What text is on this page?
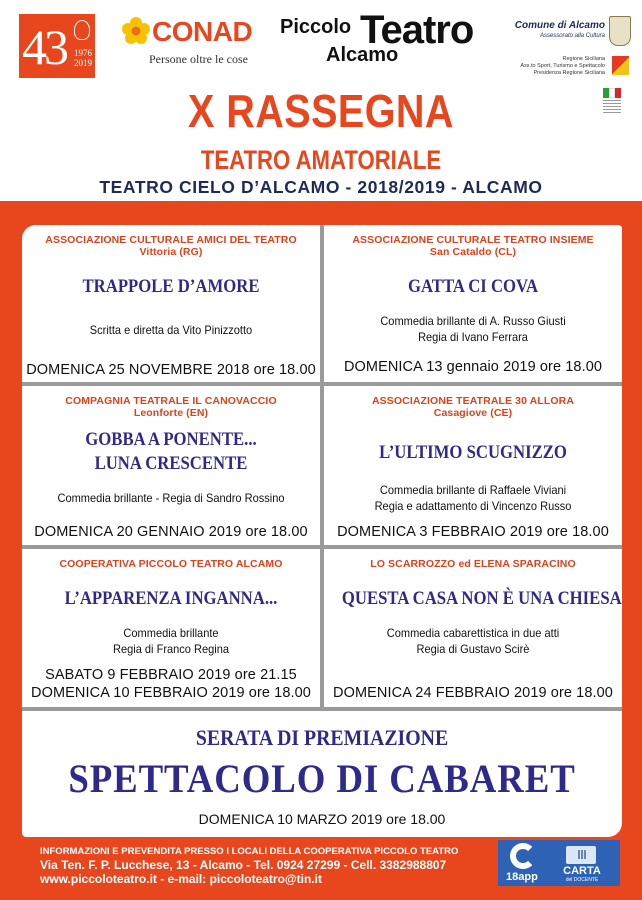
43 1976
2019
CONAD
Persone oltre le cose
Piccolo Teatro
Alcamo
Comune di Alcamo
Assessorato alla Cultura
Regione Siciliana
Ass.to Sport, Turismo e Spettacolo
Presidenza Regione Siciliana
X RASSEGNA
TEATRO AMATORIALE
TEATRO CIELO D’ALCAMO - 2018/2019 - ALCAMO
ASSOCIAZIONE CULTURALE AMICI DEL TEATRO
Vittoria (RG)
TRAPPOLE D’AMORE
Scritta e diretta da Vito Pinizzotto
DOMENICA 25 NOVEMBRE 2018 ore 18.00
ASSOCIAZIONE CULTURALE TEATRO INSIEME
San Cataldo (CL)
GATTA CI COVA
Commedia brillante di A. Russo Giusti
Regia di Ivano Ferrara
DOMENICA 13 gennaio 2019 ore 18.00
COMPAGNIA TEATRALE IL CANOVACCIO
Leonforte (EN)
GOBBA A PONENTE...
LUNA CRESCENTE
Commedia brillante - Regia di Sandro Rossino
DOMENICA 20 GENNAIO 2019 ore 18.00
ASSOCIAZIONE TEATRALE 30 ALLORA
Casagiove (CE)
L’ULTIMO SCUGNIZZO
Commedia brillante di Raffaele Viviani
Regia e adattamento di Vincenzo Russo
DOMENICA 3 FEBBRAIO 2019 ore 18.00
COOPERATIVA PICCOLO TEATRO ALCAMO
L’APPARENZA INGANNA...
Commedia brillante
Regia di Franco Regina
SABATO 9 FEBBRAIO 2019 ore 21.15
DOMENICA 10 FEBBRAIO 2019 ore 18.00
LO SCARROZZO ed ELENA SPARACINO
QUESTA CASA NON È UNA CHIESA
Commedia cabarettistica in due atti
Regia di Gustavo Scirè
DOMENICA 24 FEBBRAIO 2019 ore 18.00
SERATA DI PREMIAZIONE
SPETTACOLO DI CABARET
DOMENICA 10 MARZO 2019 ore 18.00
INFORMAZIONI E PREVENDITA PRESSO I LOCALI DELLA COOPERATIVA PICCOLO TEATRO
Via Ten. F. P. Lucchese, 13 - Alcamo - Tel. 0924 27299 - Cell. 3382988807
www.piccoloteatro.it - e-mail: piccoloteatro@tin.it	18app	CARTA
del DOCENTE
